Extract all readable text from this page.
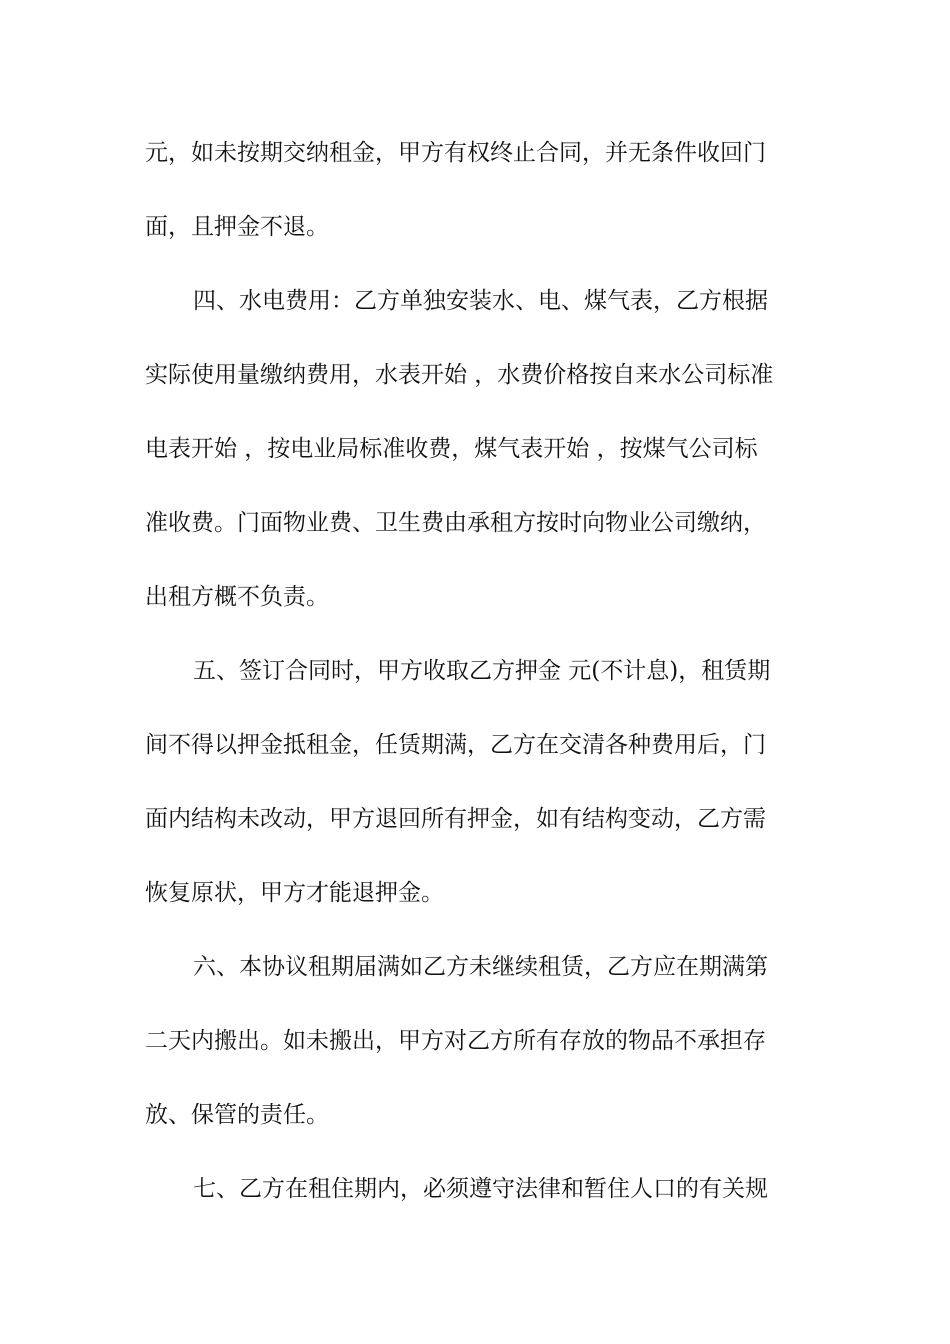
元，如未按期交纳租金，甲方有权终止合同，并无条件收回门
面，且押金不退。
四、水电费用：乙方单独安装水、电、煤气表，乙方根据
实际使用量缴纳费用，水表开始 ，水费价格按自来水公司标准
电表开始 ，按电业局标准收费，煤气表开始 ，按煤气公司标
准收费。门面物业费、卫生费由承租方按时向物业公司缴纳，
出租方概不负责。
五、签订合同时，甲方收取乙方押金 元(不计息)，租赁期
间不得以押金抵租金，任赁期满，乙方在交清各种费用后，门
面内结构未改动，甲方退回所有押金，如有结构变动，乙方需
恢复原状，甲方才能退押金。
六、本协议租期届满如乙方未继续租赁，乙方应在期满第
二天内搬出。如未搬出，甲方对乙方所有存放的物品不承担存
放、保管的责任。
七、乙方在租住期内，必须遵守法律和暂住人口的有关规
